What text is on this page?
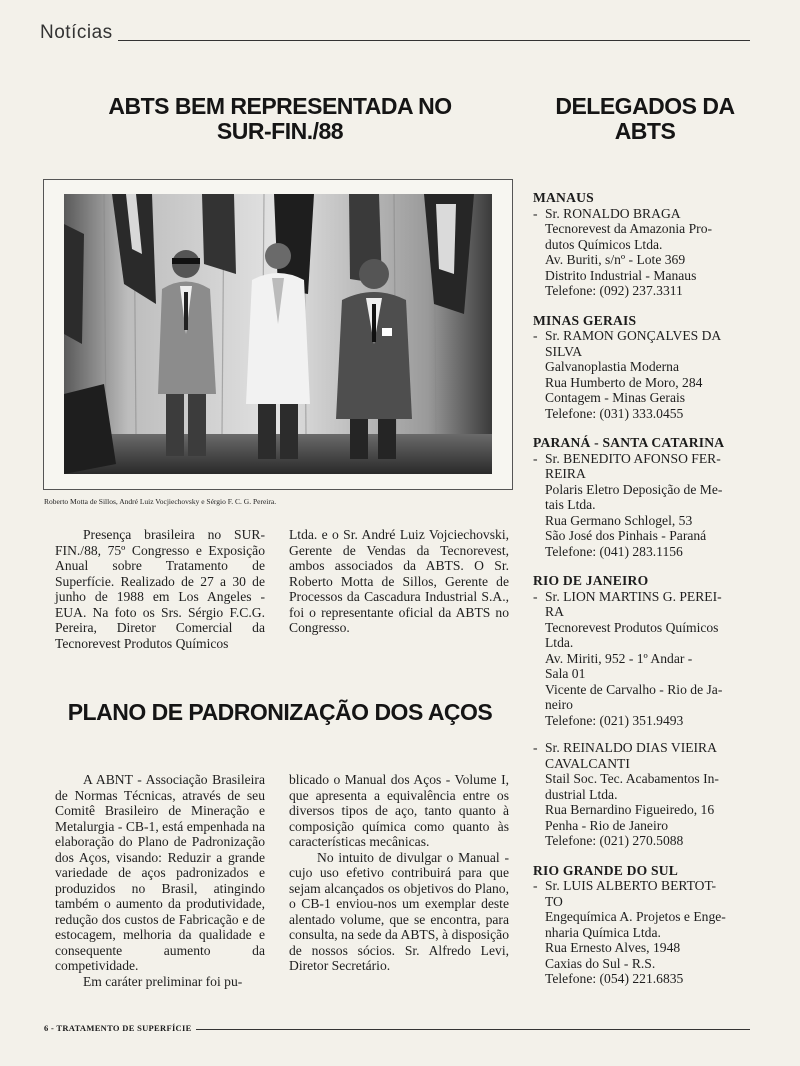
Notícias
ABTS BEM REPRESENTADA NO SUR-FIN./88
DELEGADOS DA ABTS
Roberto Motta de Sillos, André Luiz Vocjiechovsky e Sérgio F. C. G. Pereira.

Presença brasileira no SUR-FIN./88, 75º Congresso e Exposição Anual sobre Tratamento de Superfície. Realizado de 27 a 30 de junho de 1988 em Los Angeles - EUA. Na foto os Srs. Sérgio F.C.G. Pereira, Diretor Comercial da Tecnorevest Produtos Químicos

Ltda. e o Sr. André Luiz Vojciechovski, Gerente de Vendas da Tecnorevest, ambos associados da ABTS. O Sr. Roberto Motta de Sillos, Gerente de Processos da Cascadura Industrial S.A., foi o representante oficial da ABTS no Congresso.

PLANO DE PADRONIZAÇÃO DOS AÇOS

A ABNT - Associação Brasileira de Normas Técnicas, através de seu Comitê Brasileiro de Mineração e Metalurgia - CB-1, está empenhada na elaboração do Plano de Padronização dos Aços, visando: Reduzir a grande variedade de aços padronizados e produzidos no Brasil, atingindo também o aumento da produtividade, redução dos custos de Fabricação e de estocagem, melhoria da qualidade e consequente aumento da competividade.

Em caráter preliminar foi pu-

blicado o Manual dos Aços - Volume I, que apresenta a equivalência entre os diversos tipos de aço, tanto quanto à composição química como quanto às características mecânicas.

No intuito de divulgar o Manual - cujo uso efetivo contribuirá para que sejam alcançados os objetivos do Plano, o CB-1 enviou-nos um exemplar deste alentado volume, que se encontra, para consulta, na sede da ABTS, à disposição de nossos sócios. Sr. Alfredo Levi, Diretor Secretário.

MANAUS
- Sr. RONALDO BRAGA
Tecnorevest da Amazonia Pro-
dutos Químicos Ltda.
Av. Buriti, s/nº - Lote 369
Distrito Industrial - Manaus
Telefone: (092) 237.3311
MINAS GERAIS
- Sr. RAMON GONÇALVES DA
SILVA
Galvanoplastia Moderna
Rua Humberto de Moro, 284
Contagem - Minas Gerais
Telefone: (031) 333.0455
PARANÁ - SANTA CATARINA
- Sr. BENEDITO AFONSO FER-
REIRA
Polaris Eletro Deposição de Me-
tais Ltda.
Rua Germano Schlogel, 53
São José dos Pinhais - Paraná
Telefone: (041) 283.1156
RIO DE JANEIRO
- Sr. LION MARTINS G. PEREI-
RA
Tecnorevest Produtos Químicos
Ltda.
Av. Miriti, 952 - 1º Andar -
Sala 01
Vicente de Carvalho - Rio de Ja-
neiro
Telefone: (021) 351.9493
- Sr. REINALDO DIAS VIEIRA
CAVALCANTI
Stail Soc. Tec. Acabamentos In-
dustrial Ltda.
Rua Bernardino Figueiredo, 16
Penha - Rio de Janeiro
Telefone: (021) 270.5088
RIO GRANDE DO SUL
- Sr. LUIS ALBERTO BERTOT-
TO
Engequímica A. Projetos e Enge-
nharia Química Ltda.
Rua Ernesto Alves, 1948
Caxias do Sul - R.S.
Telefone: (054) 221.6835
6 - TRATAMENTO DE SUPERFÍCIE
